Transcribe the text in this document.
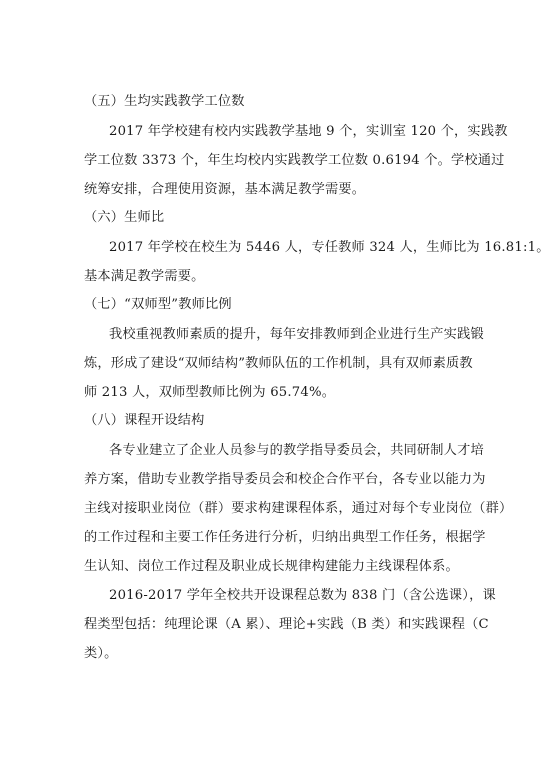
（五）生均实践教学工位数
2017 年学校建有校内实践教学基地 9 个，实训室 120 个，实践教
学工位数 3373 个，年生均校内实践教学工位数 0.6194 个。学校通过
统筹安排，合理使用资源，基本满足教学需要。
（六）生师比
2017 年学校在校生为 5446 人，专任教师 324 人，生师比为 16.81:1。
基本满足教学需要。
（七）“双师型”教师比例
我校重视教师素质的提升，每年安排教师到企业进行生产实践锻
炼，形成了建设“双师结构”教师队伍的工作机制，具有双师素质教
师 213 人，双师型教师比例为 65.74%。
（八）课程开设结构
各专业建立了企业人员参与的教学指导委员会，共同研制人才培
养方案，借助专业教学指导委员会和校企合作平台，各专业以能力为
主线对接职业岗位（群）要求构建课程体系，通过对每个专业岗位（群）
的工作过程和主要工作任务进行分析，归纳出典型工作任务，根据学
生认知、岗位工作过程及职业成长规律构建能力主线课程体系。
2016-2017 学年全校共开设课程总数为 838 门（含公选课），课
程类型包括：纯理论课（A 累）、理论+实践（B 类）和实践课程（C
类）。
